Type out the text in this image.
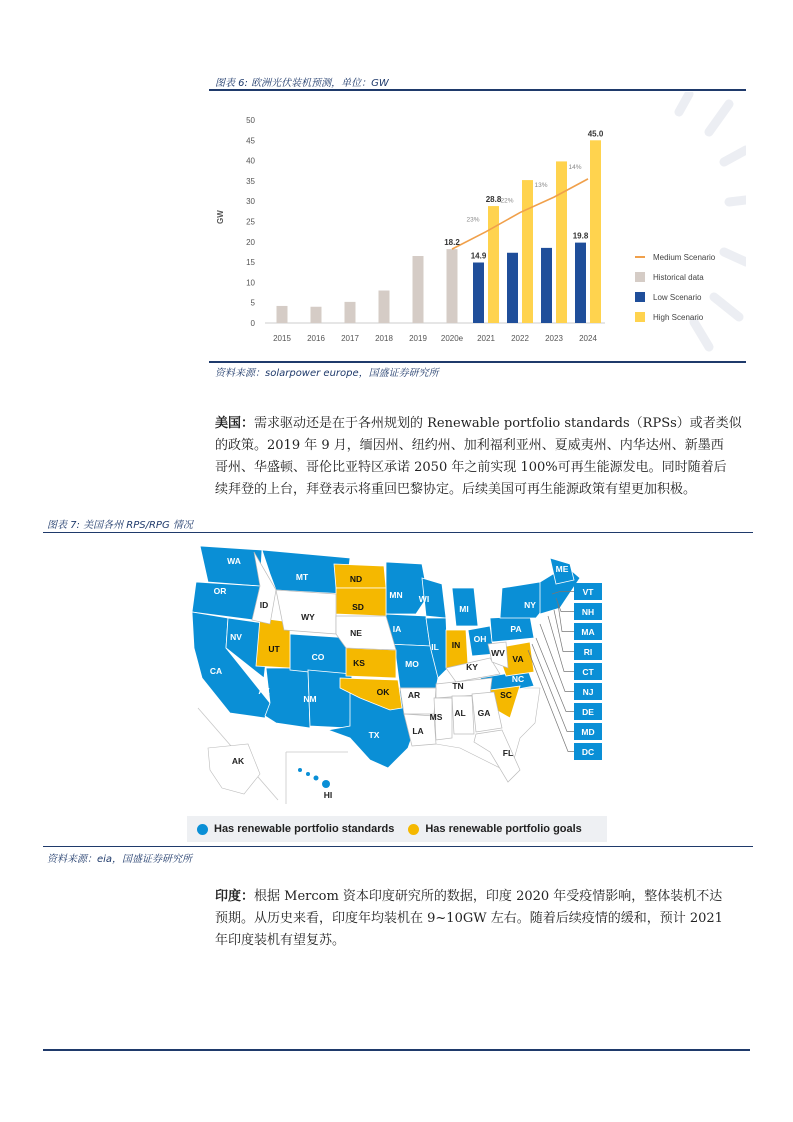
图表 6: 欧洲光伏装机预测，单位：GW
GW
0
5
10
15
20
25
30
35
40
45
50
2015 2016 2017 2018 2019 2020e 2021 2022 2023 2024
18.2
14.9
28.8
45.0
19.8
23%
22%
13%
14%
Medium Scenario
Historical data
Low Scenario
High Scenario
资料来源：solarpower europe，国盛证券研究所
美国：需求驱动还是在于各州规划的 Renewable portfolio standards（RPSs）或者类似
的政策。2019 年 9 月，缅因州、纽约州、加利福利亚州、夏威夷州、内华达州、新墨西
哥州、华盛顿、哥伦比亚特区承诺 2050 年之前实现 100%可再生能源发电。同时随着后
续拜登的上台，拜登表示将重回巴黎协定。后续美国可再生能源政策有望更加积极。
图表 7: 美国各州 RPS/RPG 情况
VT
NH
MA
RI
CT
NJ
DE
MD
DC
WA
OR
CA
NV
ID
MT
WY
UT
AZ
CO
NM
ND
SD
NE
KS
OK
TX
MN
IA
MO
AR
LA
WI
IL
MI
IN
OH
KY
TN
MS AL GA
FL
SC
NC
VA
WV
PA
NY
ME
AK
HI
Has renewable portfolio standards	Has renewable portfolio goals
资料来源：eia，国盛证券研究所
印度：根据 Mercom 资本印度研究所的数据，印度 2020 年受疫情影响，整体装机不达
预期。从历史来看，印度年均装机在 9~10GW 左右。随着后续疫情的缓和，预计 2021
年印度装机有望复苏。
